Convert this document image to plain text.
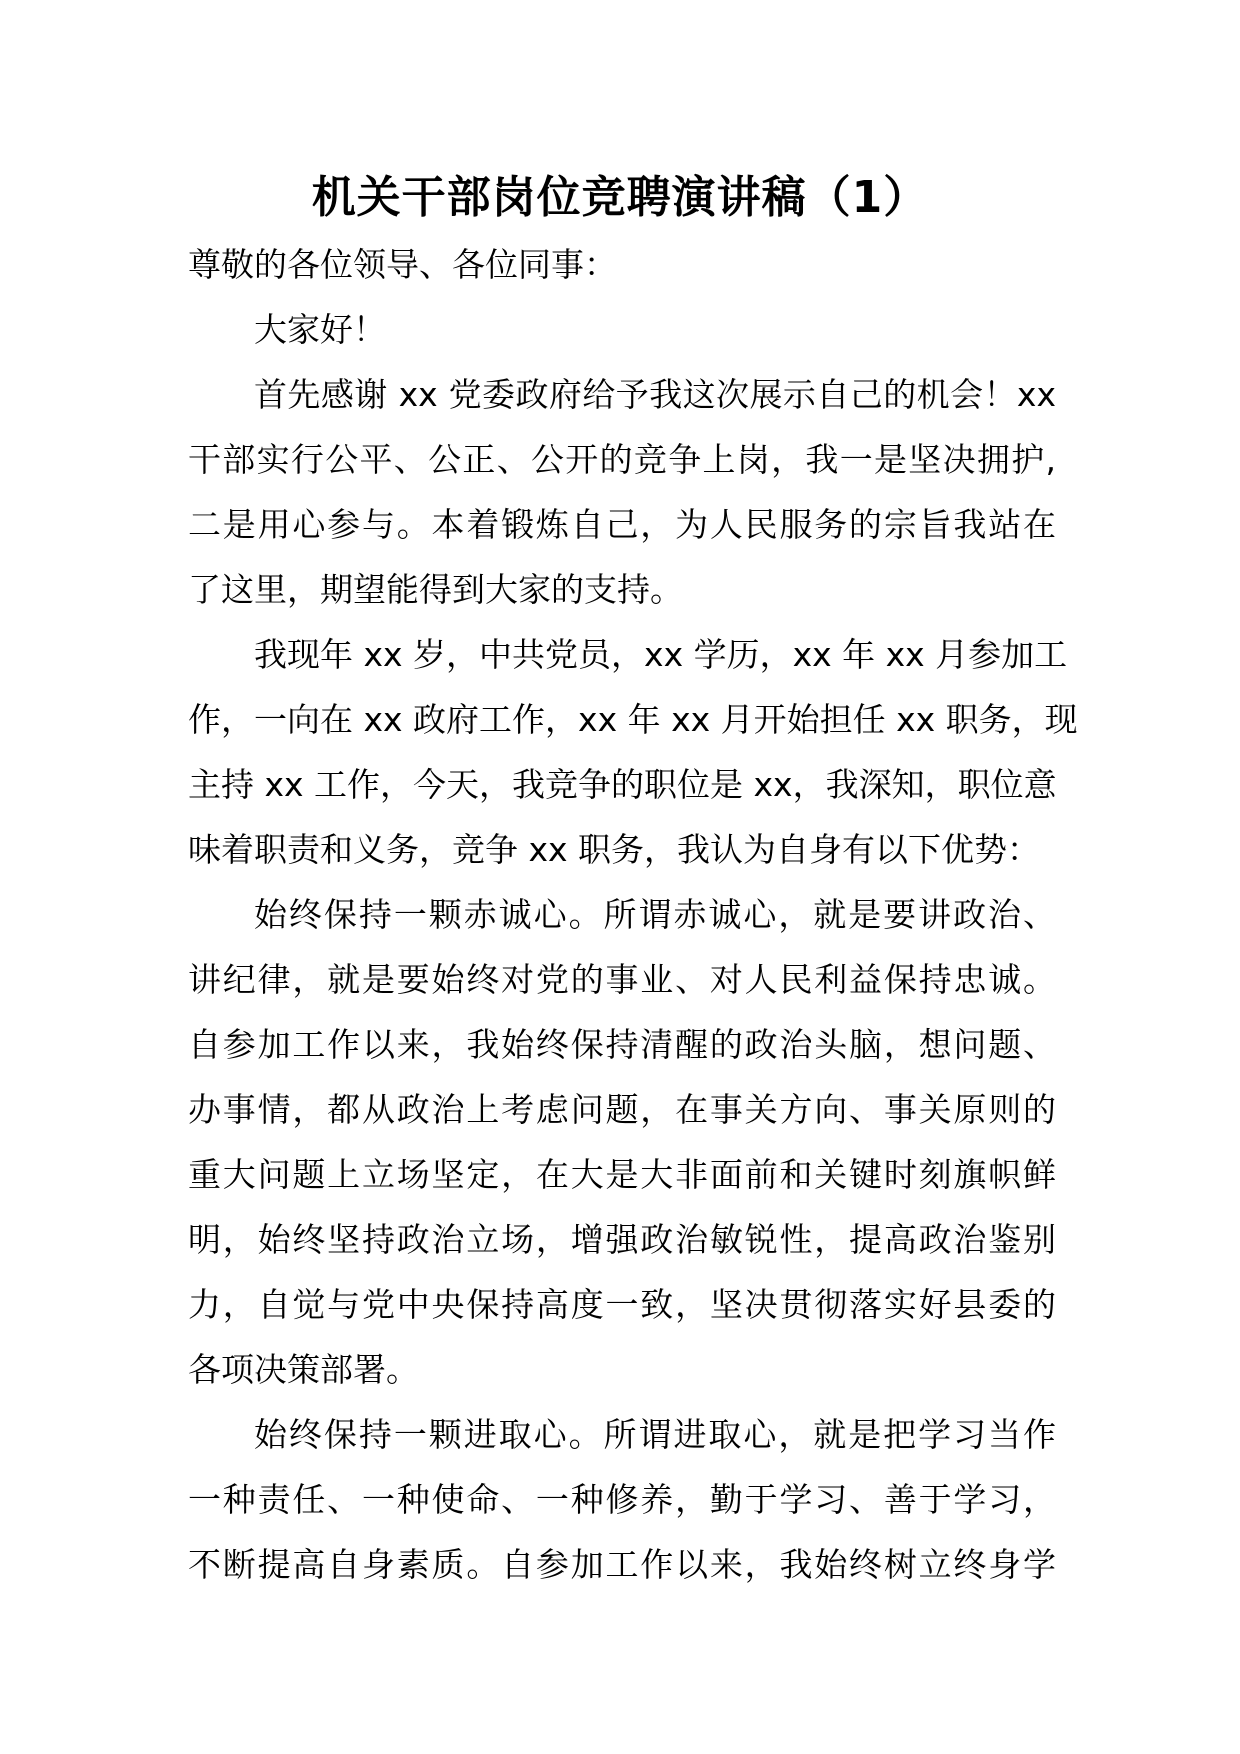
机关干部岗位竞聘演讲稿（1）
尊敬的各位领导、各位同事：
大家好！
首先感谢 xx 党委政府给予我这次展示自己的机会！xx
干部实行公平、公正、公开的竞争上岗，我一是坚决拥护,
二是用心参与。本着锻炼自己，为人民服务的宗旨我站在
了这里，期望能得到大家的支持。
我现年 xx 岁，中共党员，xx 学历，xx 年 xx 月参加工
作，一向在 xx 政府工作，xx 年 xx 月开始担任 xx 职务，现
主持 xx 工作，今天，我竞争的职位是 xx，我深知，职位意
味着职责和义务，竞争 xx 职务，我认为自身有以下优势：
始终保持一颗赤诚心。所谓赤诚心，就是要讲政治、
讲纪律，就是要始终对党的事业、对人民利益保持忠诚。
自参加工作以来，我始终保持清醒的政治头脑，想问题、
办事情，都从政治上考虑问题，在事关方向、事关原则的
重大问题上立场坚定，在大是大非面前和关键时刻旗帜鲜
明，始终坚持政治立场，增强政治敏锐性，提高政治鉴别
力，自觉与党中央保持高度一致，坚决贯彻落实好县委的
各项决策部署。
始终保持一颗进取心。所谓进取心，就是把学习当作
一种责任、一种使命、一种修养，勤于学习、善于学习，
不断提高自身素质。自参加工作以来，我始终树立终身学
